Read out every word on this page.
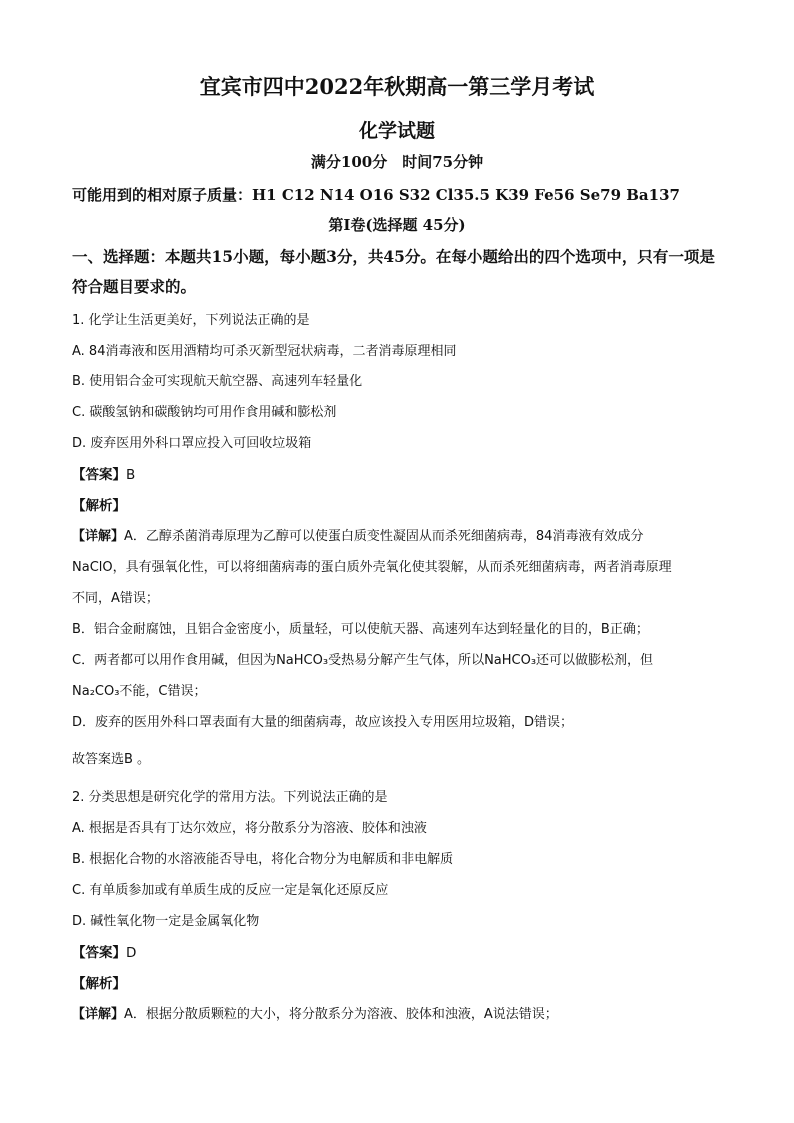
宜宾市四中2022年秋期高一第三学月考试
化学试题
满分100分　时间75分钟
可能用到的相对原子质量：H1 C12 N14 O16 S32 Cl35.5 K39 Fe56 Se79 Ba137
第I卷(选择题 45分)
一、选择题：本题共15小题，每小题3分，共45分。在每小题给出的四个选项中，只有一项是符合题目要求的。
1. 化学让生活更美好，下列说法正确的是
A. 84消毒液和医用酒精均可杀灭新型冠状病毒，二者消毒原理相同
B. 使用铝合金可实现航天航空器、高速列车轻量化
C. 碳酸氢钠和碳酸钠均可用作食用碱和膨松剂
D. 废弃医用外科口罩应投入可回收垃圾箱
【答案】B
【解析】
【详解】A．乙醇杀菌消毒原理为乙醇可以使蛋白质变性凝固从而杀死细菌病毒，84消毒液有效成分
NaClO，具有强氧化性，可以将细菌病毒的蛋白质外壳氧化使其裂解，从而杀死细菌病毒，两者消毒原理
不同，A错误；
B．铝合金耐腐蚀，且铝合金密度小，质量轻，可以使航天器、高速列车达到轻量化的目的，B正确；
C．两者都可以用作食用碱，但因为NaHCO₃受热易分解产生气体，所以NaHCO₃还可以做膨松剂，但
Na₂CO₃不能，C错误；
D．废弃的医用外科口罩表面有大量的细菌病毒，故应该投入专用医用垃圾箱，D错误；
故答案选B 。
2. 分类思想是研究化学的常用方法。下列说法正确的是
A. 根据是否具有丁达尔效应，将分散系分为溶液、胶体和浊液
B. 根据化合物的水溶液能否导电，将化合物分为电解质和非电解质
C. 有单质参加或有单质生成的反应一定是氧化还原反应
D. 碱性氧化物一定是金属氧化物
【答案】D
【解析】
【详解】A．根据分散质颗粒的大小，将分散系分为溶液、胶体和浊液，A说法错误；
